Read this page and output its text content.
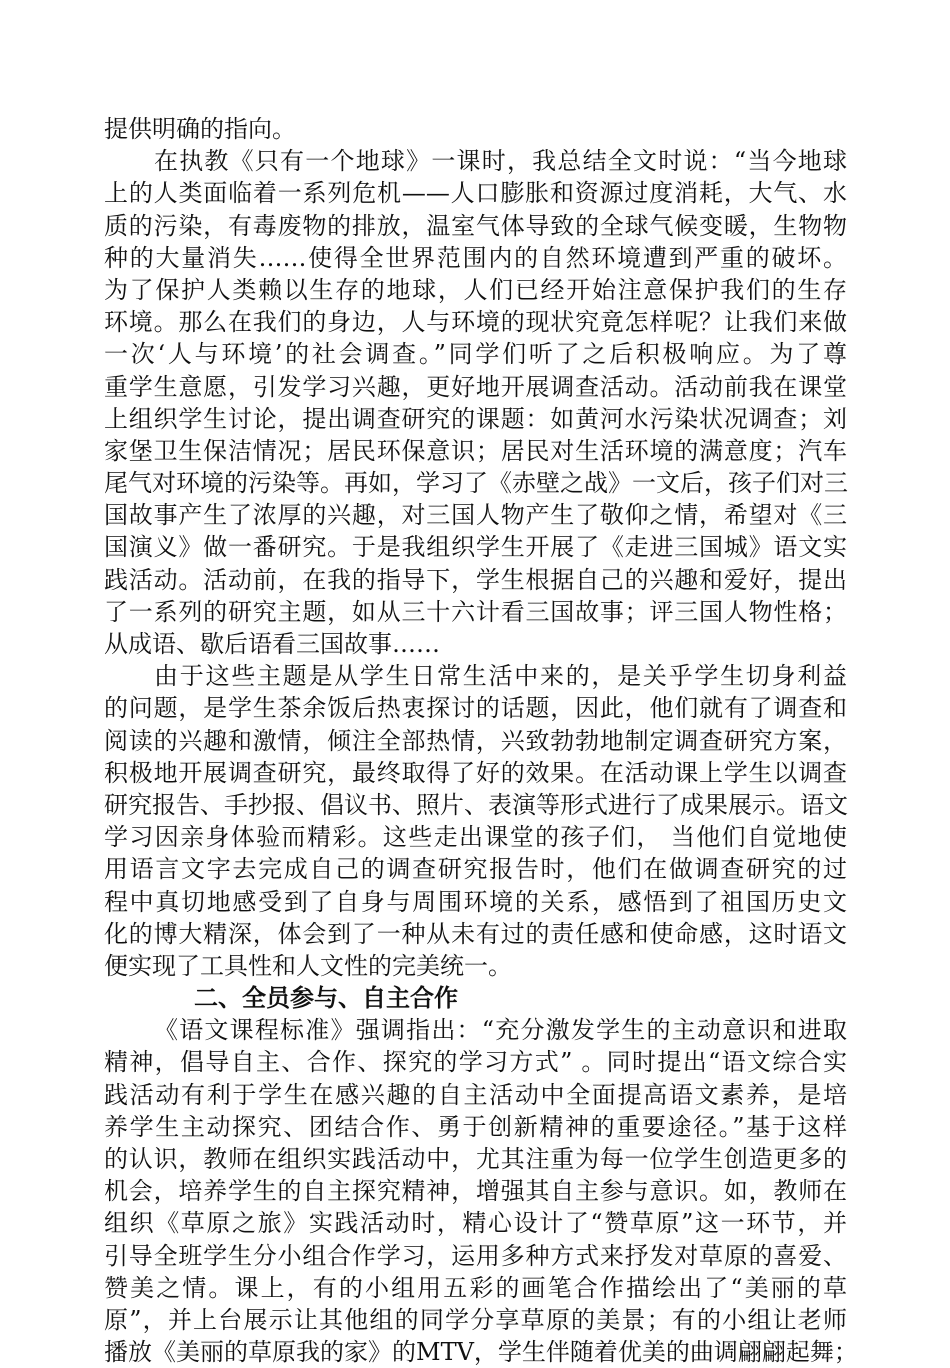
提供明确的指向。
在执教《只有一个地球》一课时，我总结全文时说：“当今地球
上的人类面临着一系列危机——人口膨胀和资源过度消耗，大气、水
质的污染，有毒废物的排放，温室气体导致的全球气候变暖，生物物
种的大量消失……使得全世界范围内的自然环境遭到严重的破坏。
为了保护人类赖以生存的地球，人们已经开始注意保护我们的生存
环境。那么在我们的身边，人与环境的现状究竟怎样呢？让我们来做
一次‘人与环境’的社会调查。”同学们听了之后积极响应。为了尊
重学生意愿，引发学习兴趣，更好地开展调查活动。活动前我在课堂
上组织学生讨论，提出调查研究的课题：如黄河水污染状况调查；刘
家堡卫生保洁情况；居民环保意识；居民对生活环境的满意度；汽车
尾气对环境的污染等。再如，学习了《赤壁之战》一文后，孩子们对三
国故事产生了浓厚的兴趣，对三国人物产生了敬仰之情，希望对《三
国演义》做一番研究。于是我组织学生开展了《走进三国城》语文实
践活动。活动前，在我的指导下，学生根据自己的兴趣和爱好，提出
了一系列的研究主题，如从三十六计看三国故事；评三国人物性格；
从成语、歇后语看三国故事……
由于这些主题是从学生日常生活中来的，是关乎学生切身利益
的问题，是学生茶余饭后热衷探讨的话题，因此，他们就有了调查和
阅读的兴趣和激情，倾注全部热情，兴致勃勃地制定调查研究方案，
积极地开展调查研究，最终取得了好的效果。在活动课上学生以调查
研究报告、手抄报、倡议书、照片、表演等形式进行了成果展示。语文
学习因亲身体验而精彩。这些走出课堂的孩子们， 当他们自觉地使
用语言文字去完成自己的调查研究报告时，他们在做调查研究的过
程中真切地感受到了自身与周围环境的关系，感悟到了祖国历史文
化的博大精深，体会到了一种从未有过的责任感和使命感，这时语文
便实现了工具性和人文性的完美统一。
二、全员参与、自主合作
《语文课程标准》强调指出：“充分激发学生的主动意识和进取
精神，倡导自主、合作、探究的学习方式” 。同时提出“语文综合实
践活动有利于学生在感兴趣的自主活动中全面提高语文素养，是培
养学生主动探究、团结合作、勇于创新精神的重要途径。”基于这样
的认识，教师在组织实践活动中，尤其注重为每一位学生创造更多的
机会，培养学生的自主探究精神，增强其自主参与意识。如，教师在
组织《草原之旅》实践活动时，精心设计了“赞草原”这一环节，并
引导全班学生分小组合作学习，运用多种方式来抒发对草原的喜爱、
赞美之情。课上，有的小组用五彩的画笔合作描绘出了“美丽的草
原”，并上台展示让其他组的同学分享草原的美景；有的小组让老师
播放《美丽的草原我的家》的MTV，学生伴随着优美的曲调翩翩起舞；
